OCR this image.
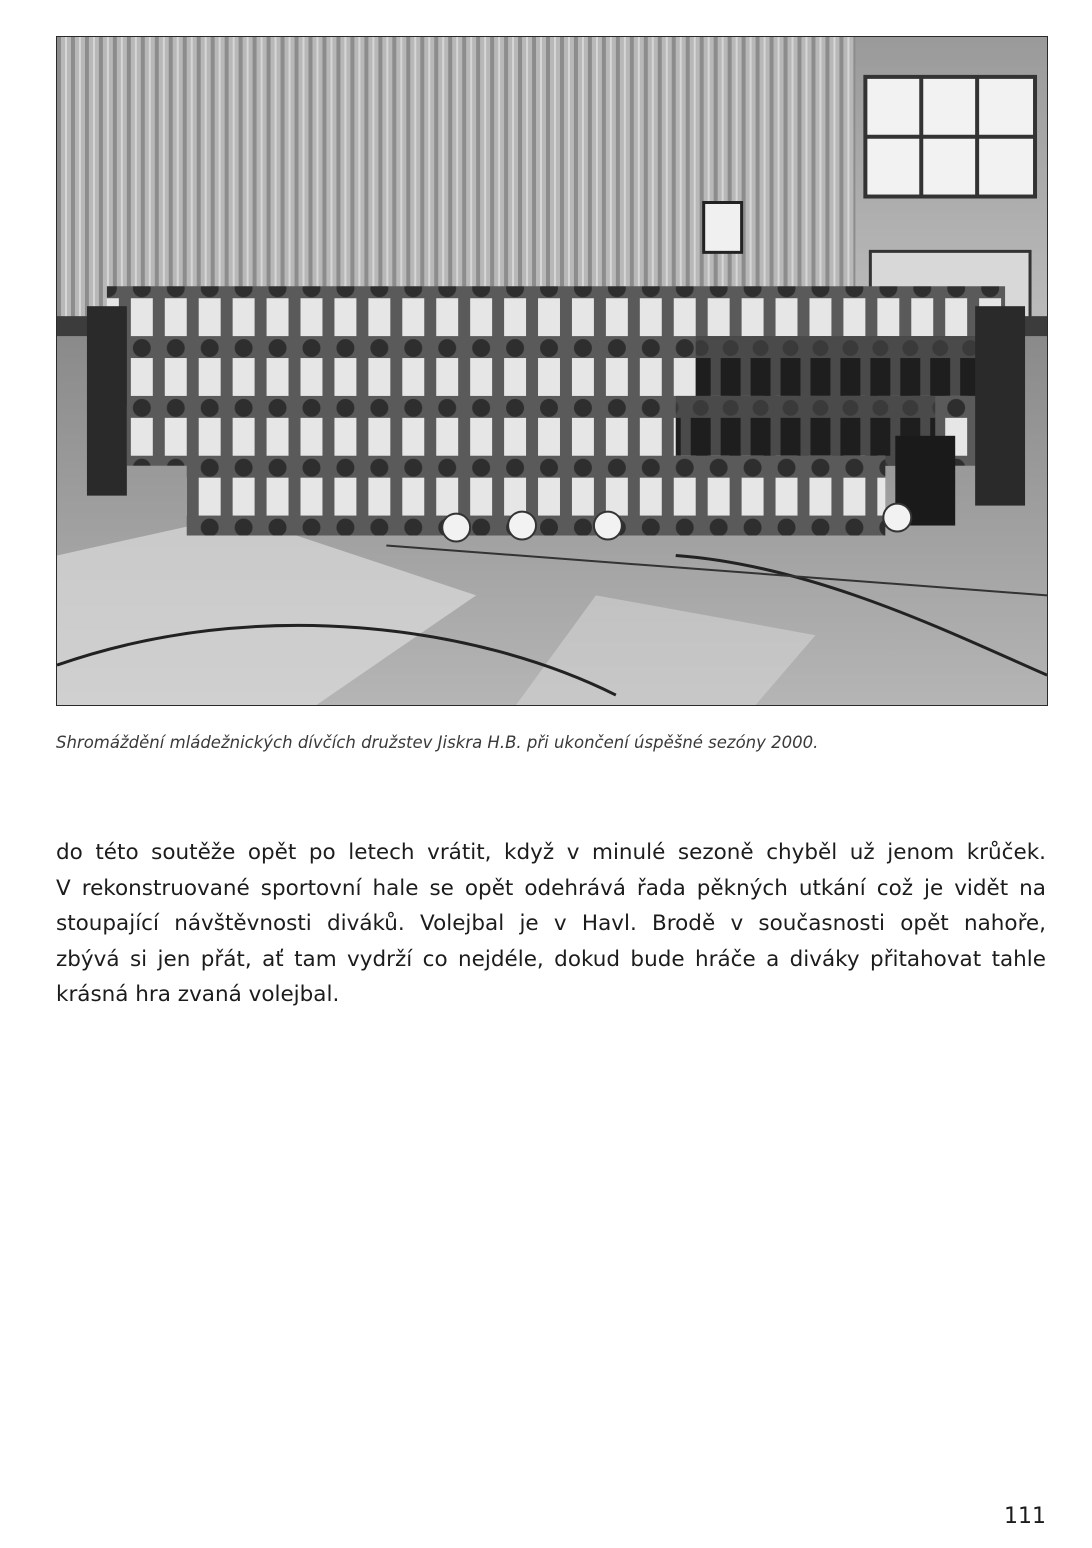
Shromáždění mládežnických dívčích družstev Jiskra H.B. při ukončení úspěšné sezóny 2000.
do této soutěže opět po letech vrátit, když v minulé sezoně chyběl už jenom krůček.
V rekonstruované sportovní hale se opět odehrává řada pěkných utkání což je vidět na
stoupající návštěvnosti diváků. Volejbal je v Havl. Brodě v současnosti opět nahoře,
zbývá si jen přát, ať tam vydrží co nejdéle, dokud bude hráče a diváky přitahovat tahle
krásná hra zvaná volejbal.
111
